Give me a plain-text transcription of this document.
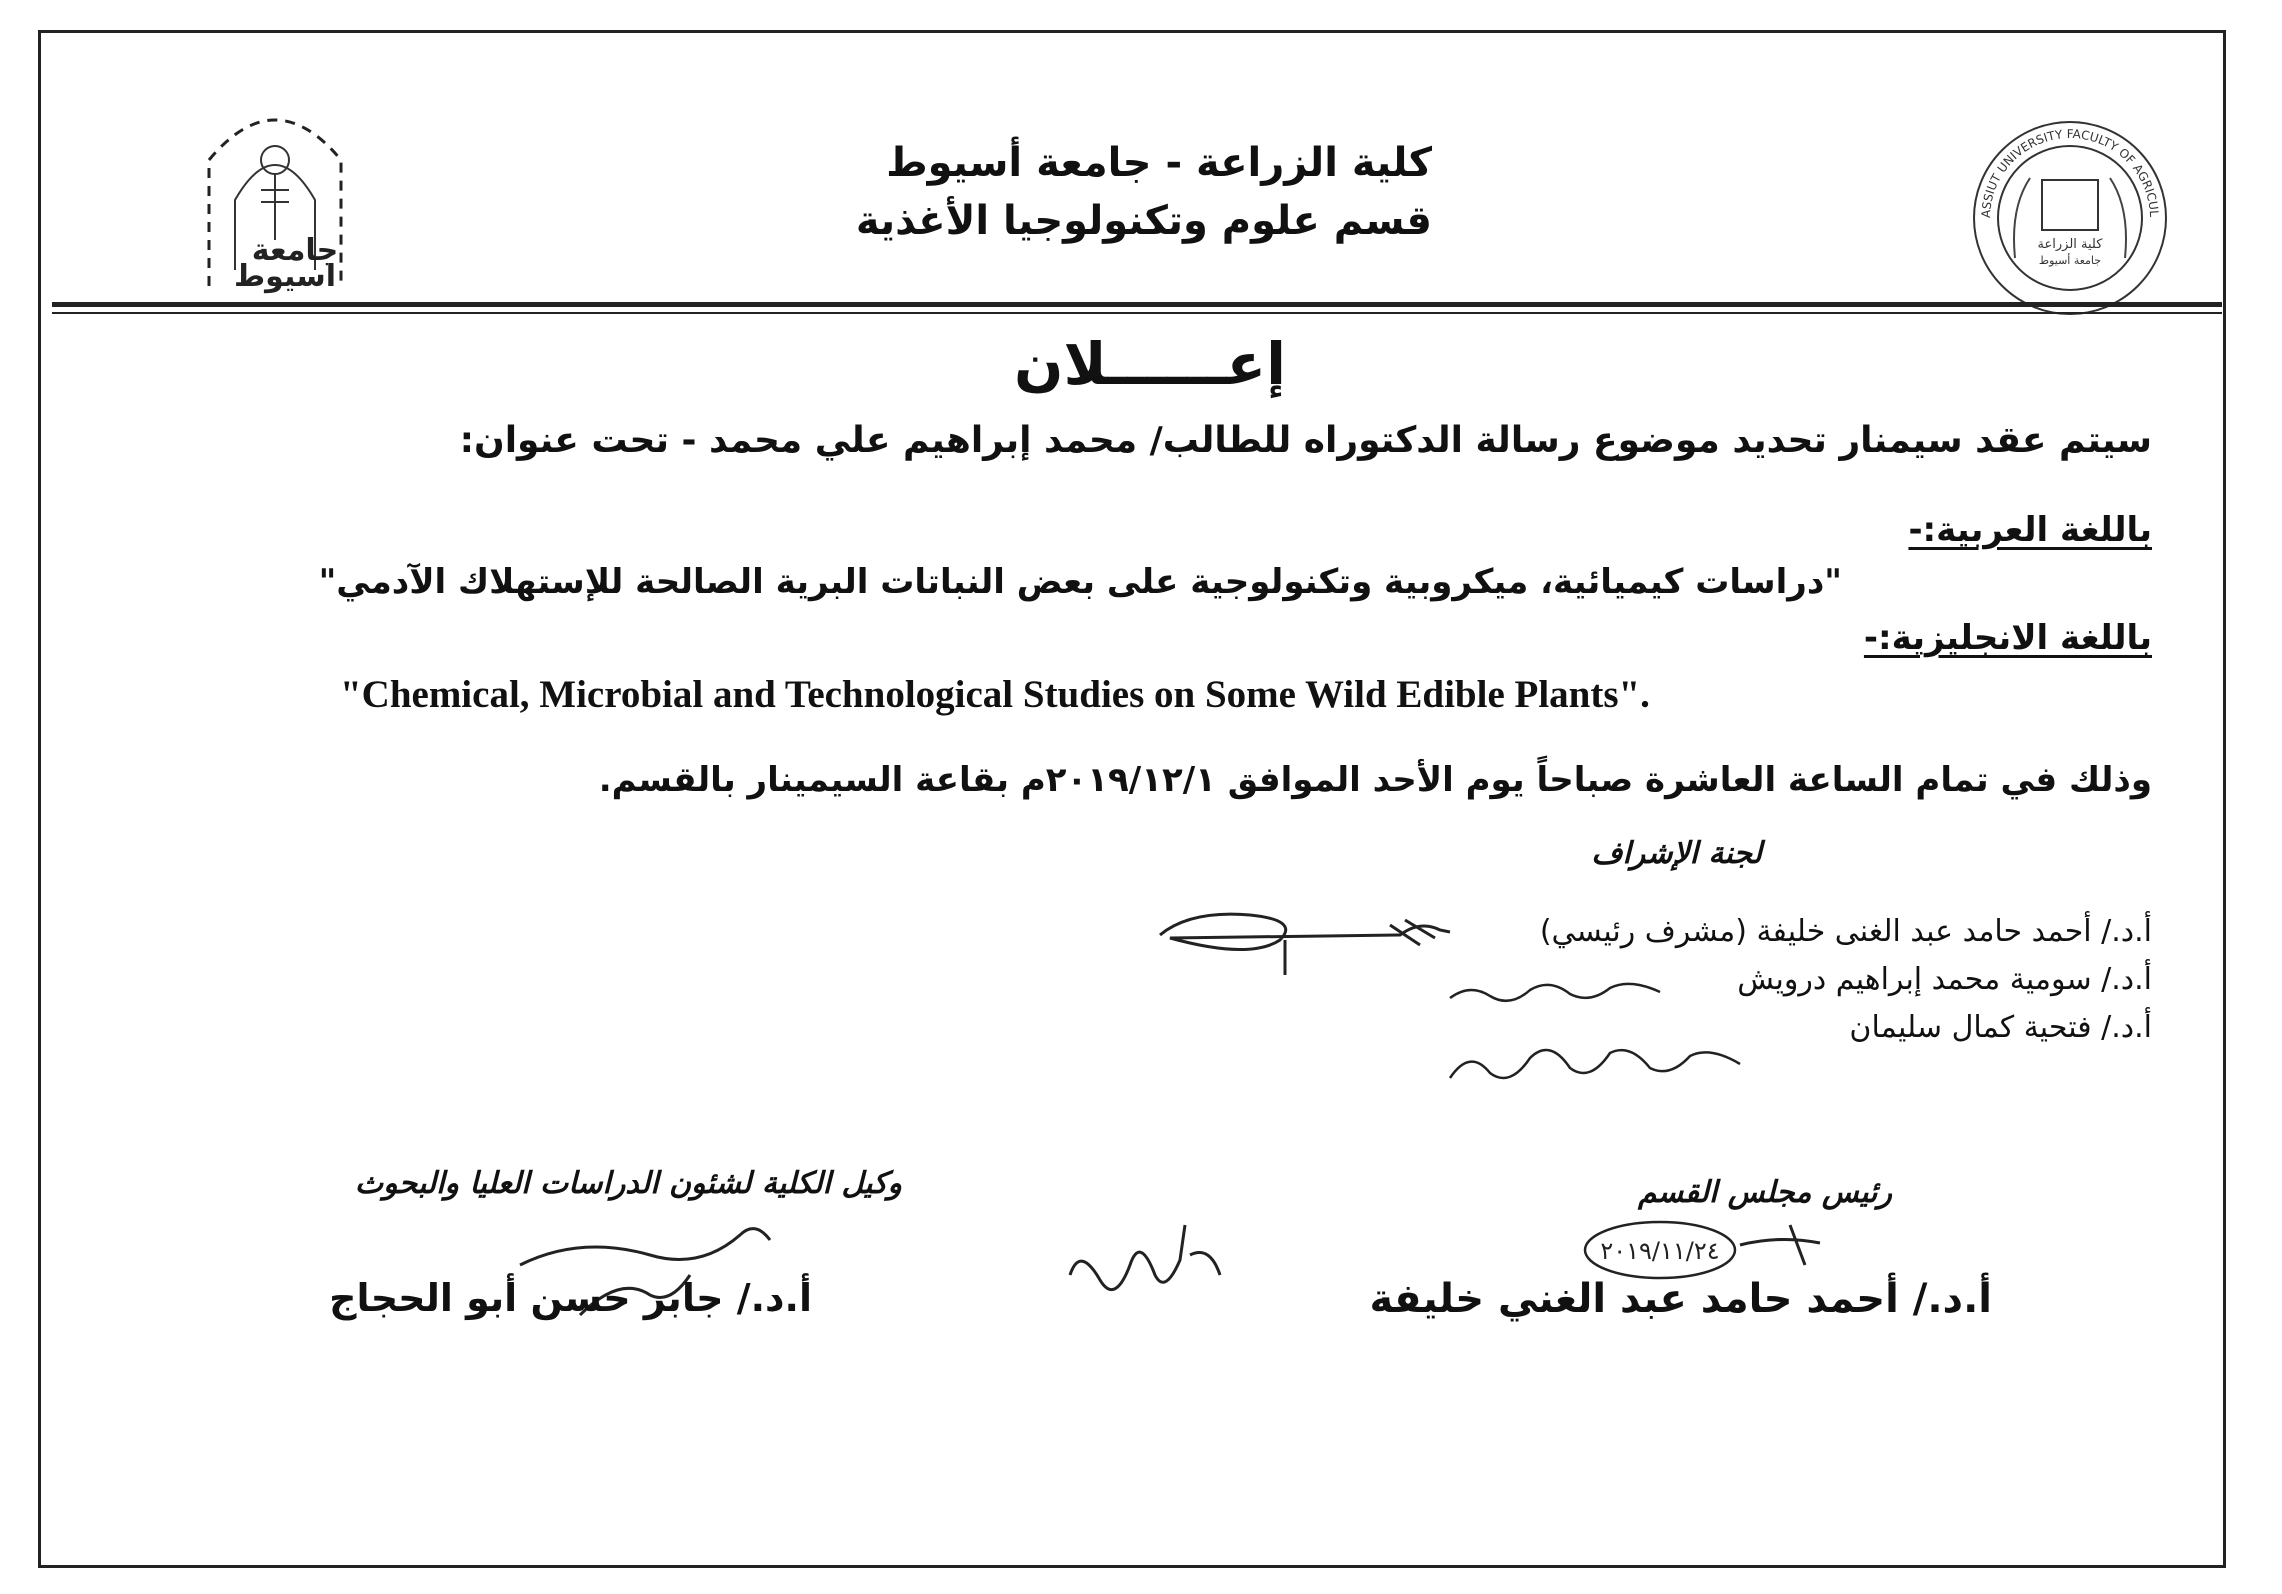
جامعة
اسيوط
كلية الزراعة - جامعة أسيوط
قسم علوم وتكنولوجيا الأغذية	ASSIUT UNIVERSITY FACULTY OF AGRICULTURE
كلية الزراعة
جامعة أسيوط
إعــــــلان
سيتم عقد سيمنار تحديد موضوع رسالة الدكتوراه للطالب/ محمد إبراهيم علي محمد - تحت عنوان:
باللغة العربية:-
"دراسات كيميائية، ميكروبية وتكنولوجية على بعض النباتات البرية الصالحة للإستهلاك الآدمي"
باللغة الانجليزية:-
"Chemical, Microbial and Technological Studies on Some Wild Edible Plants".
وذلك في تمام الساعة العاشرة صباحاً يوم الأحد الموافق ٢٠١٩/١٢/١م بقاعة السيمينار بالقسم.
لجنة الإشراف
أ.د./ أحمد حامد عبد الغنى خليفة (مشرف رئيسي)
أ.د./ سومية محمد إبراهيم درويش
أ.د./ فتحية كمال سليمان
وكيل الكلية لشئون الدراسات العليا والبحوث	رئيس مجلس القسم
تعلق
٢٠١٩/١١/٢٤
أ.د./ جابر حسن أبو الحجاج	أ.د./ أحمد حامد عبد الغني خليفة
